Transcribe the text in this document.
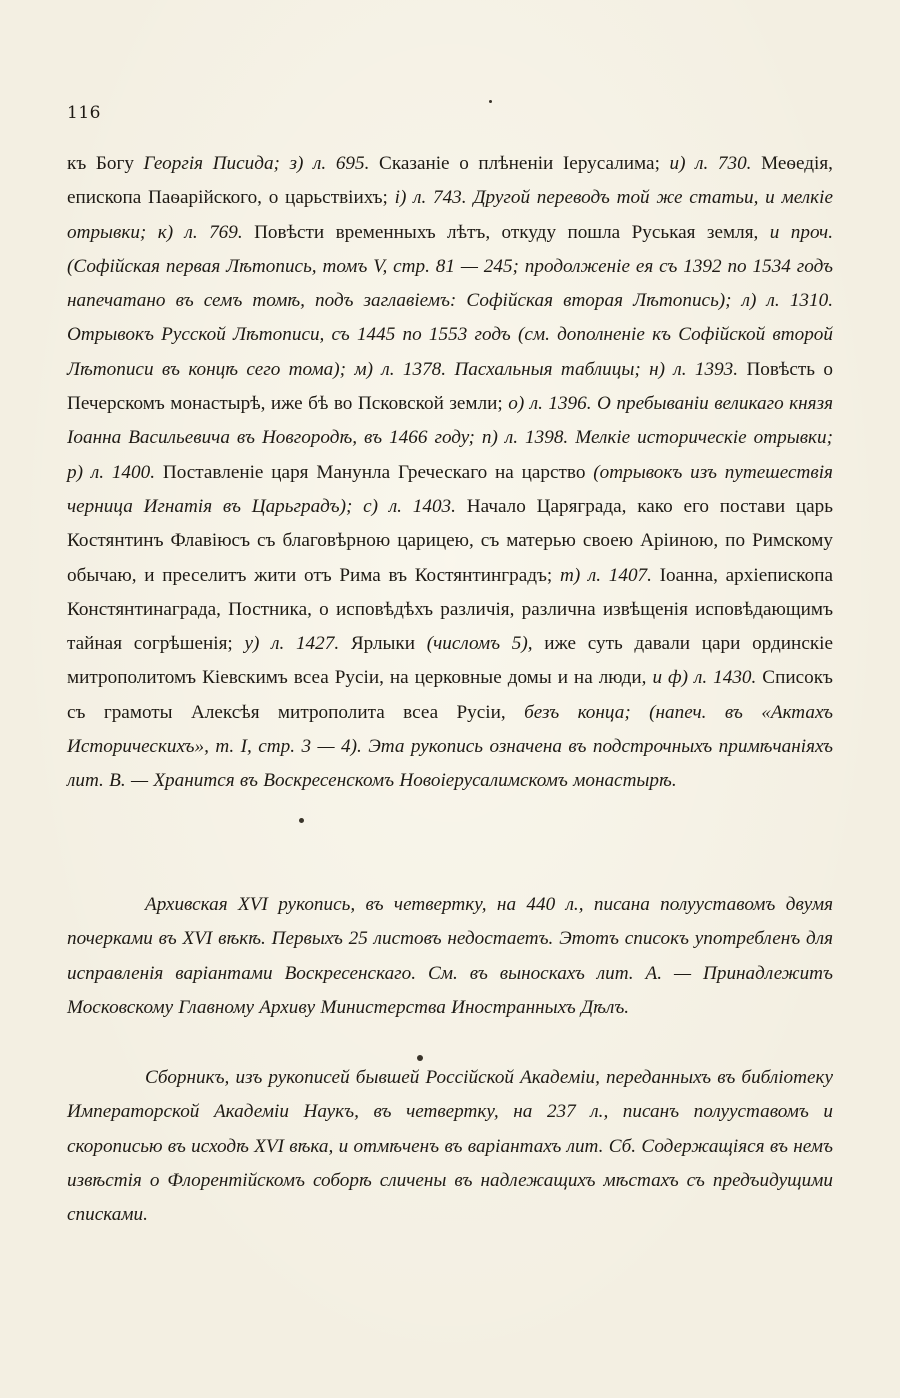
116
къ Богу Георгія Писида; з) л. 695. Сказаніе о плѣненіи Іерусалима; и) л. 730. Меѳедія, епископа Паѳарійского, о царьствіихъ; і) л. 743. Другой переводъ той же статьи, и мелкіе отрывки; к) л. 769. Повѣсти временныхъ лѣтъ, откуду пошла Руськая земля, и проч. (Софійская первая Лѣтопись, томъ V, стр. 81 — 245; продолженіе ея съ 1392 по 1534 годъ напечатано въ семъ томѣ, подъ заглавіемъ: Софійская вторая Лѣтопись); л) л. 1310. Отрывокъ Русской Лѣтописи, съ 1445 по 1553 годъ (см. дополненіе къ Софійской второй Лѣтописи въ концѣ сего тома); м) л. 1378. Пасхальныя таблицы; н) л. 1393. Повѣсть о Печерскомъ монастырѣ, иже бѣ во Псковской земли; о) л. 1396. О пребываніи великаго князя Іоанна Васильевича въ Новгородѣ, въ 1466 году; п) л. 1398. Мелкіе историческіе отрывки; р) л. 1400. Поставленіе царя Манунла Греческаго на царство (отрывокъ изъ путешествія черница Игнатія въ Царьградъ); с) л. 1403. Начало Царяграда, како его постави царь Костянтинъ Флавіюсъ съ благовѣрною царицею, съ матерью своею Аріиною, по Римскому обычаю, и преселитъ жити отъ Рима въ Костянтинградъ; т) л. 1407. Іоанна, архіепископа Констянтинаграда, Постника, о исповѣдѣхъ различія, различна извѣщенія исповѣдающимъ тайная согрѣшенія; у) л. 1427. Ярлыки (числомъ 5), иже суть давали цари ординскіе митрополитомъ Кіевскимъ всеа Русіи, на церковные домы и на люди, и ф) л. 1430. Списокъ съ грамоты Алексѣя митрополита всеа Русіи, безъ конца; (напеч. въ «Актахъ Историческихъ», т. I, стр. 3 — 4). Эта рукопись означена въ подстрочныхъ примѣчаніяхъ лит. В. — Хранится въ Воскресенскомъ Новоіерусалимскомъ монастырѣ.
Архивская XVI рукопись, въ четвертку, на 440 л., писана полууставомъ двумя почерками въ XVI вѣкѣ. Первыхъ 25 листовъ недостаетъ. Этотъ списокъ употребленъ для исправленія варіантами Воскресенскаго. См. въ выноскахъ лит. А. — Принадлежитъ Московскому Главному Архиву Министерства Иностранныхъ Дѣлъ.
Сборникъ, изъ рукописей бывшей Россійской Академіи, переданныхъ въ библіотеку Императорской Академіи Наукъ, въ четвертку, на 237 л., писанъ полууставомъ и скорописью въ исходѣ XVI вѣка, и отмѣченъ въ варіантахъ лит. Сб. Содержащіяся въ немъ извѣстія о Флорентійскомъ соборѣ сличены въ надлежащихъ мѣстахъ съ предъидущими списками.
